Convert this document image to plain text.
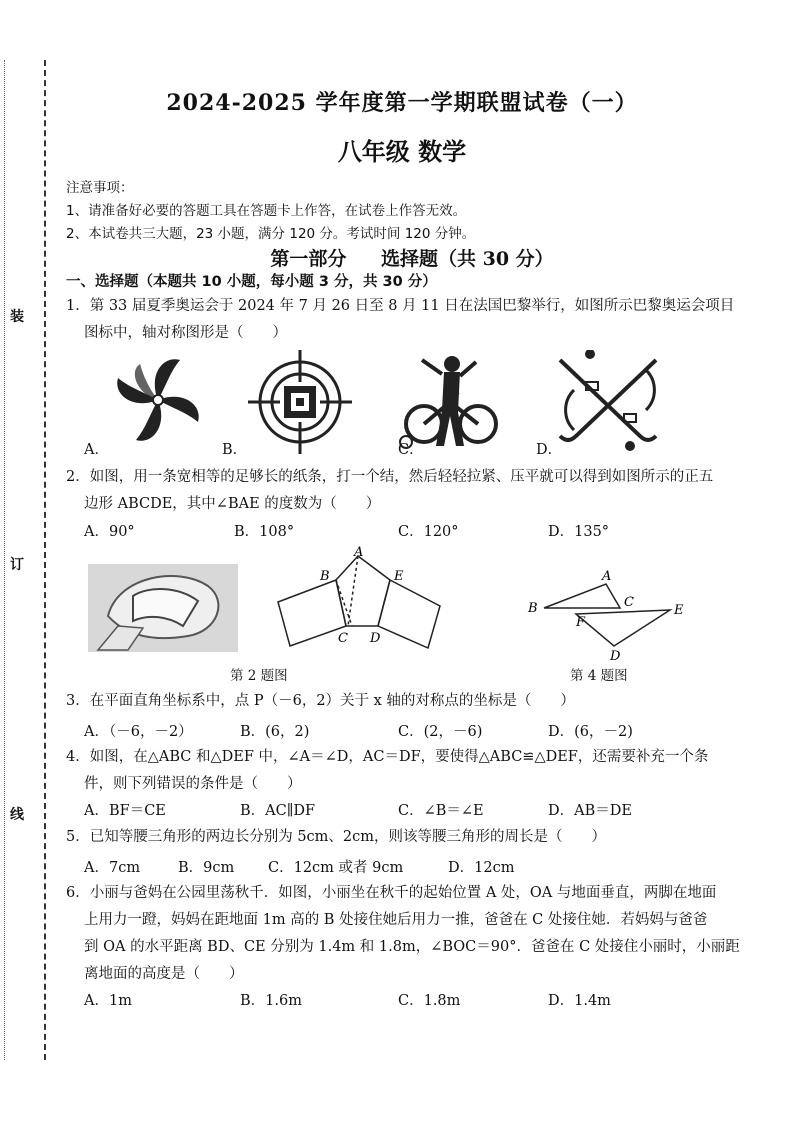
装
订
线
2024-2025 学年度第一学期联盟试卷（一）
八年级 数学
注意事项：
1、请准备好必要的答题工具在答题卡上作答，在试卷上作答无效。
2、本试卷共三大题，23 小题，满分 120 分。考试时间 120 分钟。
第一部分 选择题（共 30 分）
一、选择题（本题共 10 小题，每小题 3 分，共 30 分）
1．第 33 届夏季奥运会于 2024 年 7 月 26 日至 8 月 11 日在法国巴黎举行，如图所示巴黎奥运会项目
图标中，轴对称图形是（　　）
A．	B．	C．	D．
2．如图，用一条宽相等的足够长的纸条，打一个结，然后轻轻拉紧、压平就可以得到如图所示的正五
边形 ABCDE，其中∠BAE 的度数为（　　）
A．90°	B．108°	C．120°	D．135°
A
B	E
C D
A
B	C
F
E
D
第 2 题图	第 4 题图
3．在平面直角坐标系中，点 P（－6，2）关于 x 轴的对称点的坐标是（　　）
A．（－6，－2）	B．(6，2)	C．(2，－6)	D．(6，－2)
4．如图，在△ABC 和△DEF 中，∠A＝∠D，AC＝DF，要使得△ABC≌△DEF，还需要补充一个条
件，则下列错误的条件是（　　）
A．BF＝CE	B．AC∥DF	C．∠B＝∠E	D．AB＝DE
5．已知等腰三角形的两边长分别为 5cm、2cm，则该等腰三角形的周长是（　　）
A．7cm	B．9cm C．12cm 或者 9cm	D．12cm
6．小丽与爸妈在公园里荡秋千．如图，小丽坐在秋千的起始位置 A 处，OA 与地面垂直，两脚在地面
上用力一蹬，妈妈在距地面 1m 高的 B 处接住她后用力一推，爸爸在 C 处接住她．若妈妈与爸爸
到 OA 的水平距离 BD、CE 分别为 1.4m 和 1.8m，∠BOC＝90°．爸爸在 C 处接住小丽时，小丽距
离地面的高度是（　　）
A．1m	B．1.6m	C．1.8m	D．1.4m
